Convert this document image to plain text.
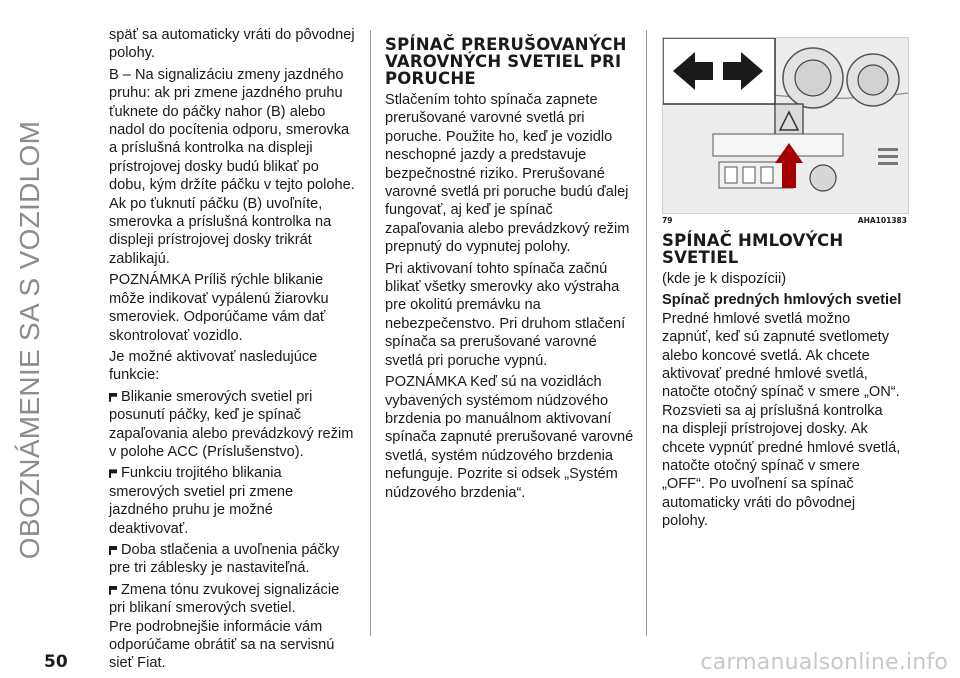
OBOZNÁMENIE SA S VOZIDLOM

späť sa automaticky vráti do pôvodnej polohy.

B – Na signalizáciu zmeny jazdného pruhu: ak pri zmene jazdného pruhu ťuknete do páčky nahor (B) alebo nadol do pocítenia odporu, smerovka a príslušná kontrolka na displeji prístrojovej dosky budú blikať po dobu, kým držíte páčku v tejto polohe. Ak po ťuknutí páčku (B) uvoľníte, smerovka a príslušná kontrolka na displeji prístrojovej dosky trikrát zablikajú.

POZNÁMKA Príliš rýchle blikanie môže indikovať vypálenú žiarovku smeroviek. Odporúčame vám dať skontrolovať vozidlo.

Je možné aktivovať nasledujúce funkcie:

Blikanie smerových svetiel pri posunutí páčky, keď je spínač zapaľovania alebo prevádzkový režim v polohe ACC (Príslušenstvo).

Funkciu trojitého blikania smerových svetiel pri zmene jazdného pruhu je možné deaktivovať.

Doba stlačenia a uvoľnenia páčky pre tri záblesky je nastaviteľná.

Zmena tónu zvukovej signalizácie pri blikaní smerových svetiel.

Pre podrobnejšie informácie vám odporúčame obrátiť sa na servisnú sieť Fiat.

SPÍNAČ PRERUŠOVANÝCH VAROVNÝCH SVETIEL PRI PORUCHE

Stlačením tohto spínača zapnete prerušované varovné svetlá pri poruche. Použite ho, keď je vozidlo neschopné jazdy a predstavuje bezpečnostné riziko. Prerušované varovné svetlá pri poruche budú ďalej fungovať, aj keď je spínač zapaľovania alebo prevádzkový režim prepnutý do vypnutej polohy.

Pri aktivovaní tohto spínača začnú blikať všetky smerovky ako výstraha pre okolitú premávku na nebezpečenstvo. Pri druhom stlačení spínača sa prerušované varovné svetlá pri poruche vypnú.

POZNÁMKA Keď sú na vozidlách vybavených systémom núdzového brzdenia po manuálnom aktivovaní spínača zapnuté prerušované varovné svetlá, systém núdzového brzdenia nefunguje. Pozrite si odsek „Systém núdzového brzdenia“.

79	AHA101383
SPÍNAČ HMLOVÝCH SVETIEL

(kde je k dispozícii)

Spínač predných hmlových svetiel

Predné hmlové svetlá možno zapnúť, keď sú zapnuté svetlomety alebo koncové svetlá. Ak chcete aktivovať predné hmlové svetlá, natočte otočný spínač v smere „ON“. Rozsvieti sa aj príslušná kontrolka na displeji prístrojovej dosky. Ak chcete vypnúť predné hmlové svetlá, natočte otočný spínač v smere „OFF“. Po uvoľnení sa spínač automaticky vráti do pôvodnej polohy.

50	carmanualsonline.info
